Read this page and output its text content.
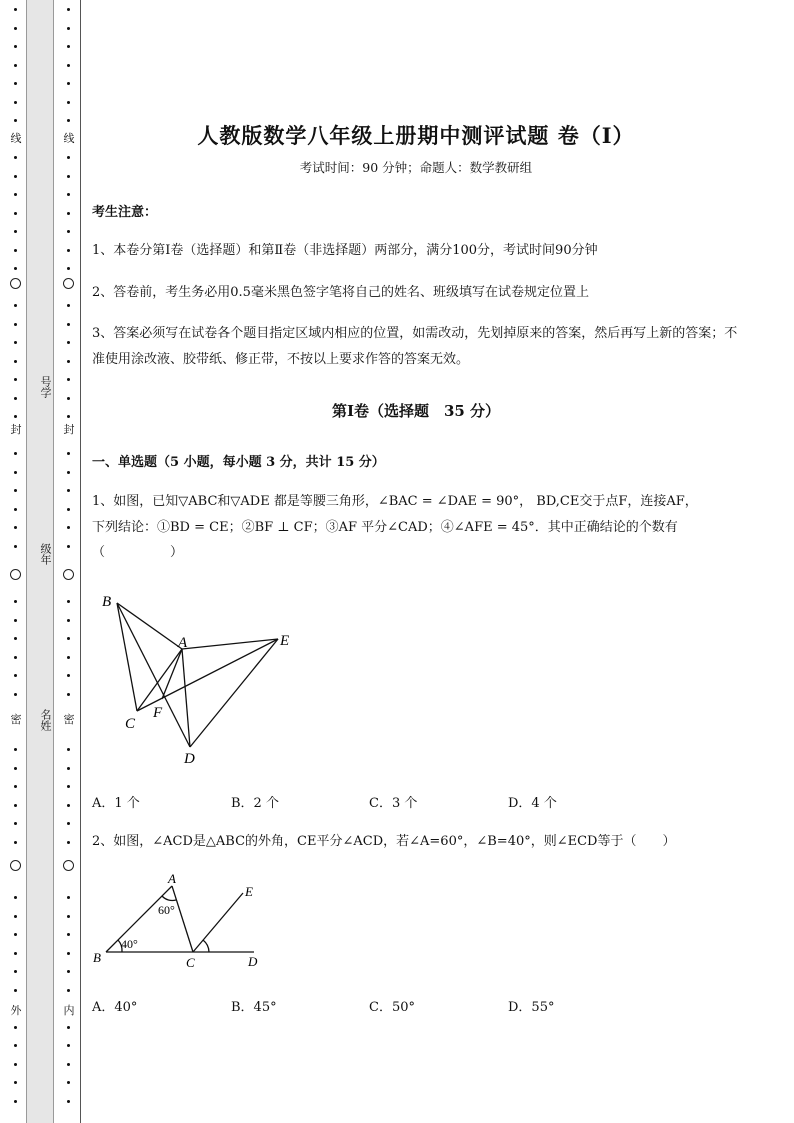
线
封
密
外
线
封
密
内
号学
级年
名姓
人教版数学八年级上册期中测评试题 卷（Ⅰ）
考试时间：90 分钟；命题人：数学教研组
考生注意：
1、本卷分第Ⅰ卷（选择题）和第Ⅱ卷（非选择题）两部分，满分100分，考试时间90分钟
2、答卷前，考生务必用0.5毫米黑色签字笔将自己的姓名、班级填写在试卷规定位置上
3、答案必须写在试卷各个题目指定区域内相应的位置，如需改动，先划掉原来的答案，然后再写上新的答案；不准使用涂改液、胶带纸、修正带，不按以上要求作答的答案无效。
第Ⅰ卷（选择题　35 分）
一、单选题（5 小题，每小题 3 分，共计 15 分）
1、如图，已知▽ABC和▽ADE 都是等腰三角形，∠BAC = ∠DAE = 90°， BD,CE交于点F，连接AF，
下列结论：①BD = CE；②BF ⊥ CF；③AF 平分∠CAD；④∠AFE = 45°．其中正确结论的个数有
（　　　　　）
B
A	E
C
F
D
A．1 个	B．2 个	C．3 个	D．4 个
2、如图，∠ACD是△ABC的外角，CE平分∠ACD，若∠A=60°，∠B=40°，则∠ECD等于（　　）
A
60°
40°
B	C	D
E
A．40°	B．45°	C．50°	D．55°
